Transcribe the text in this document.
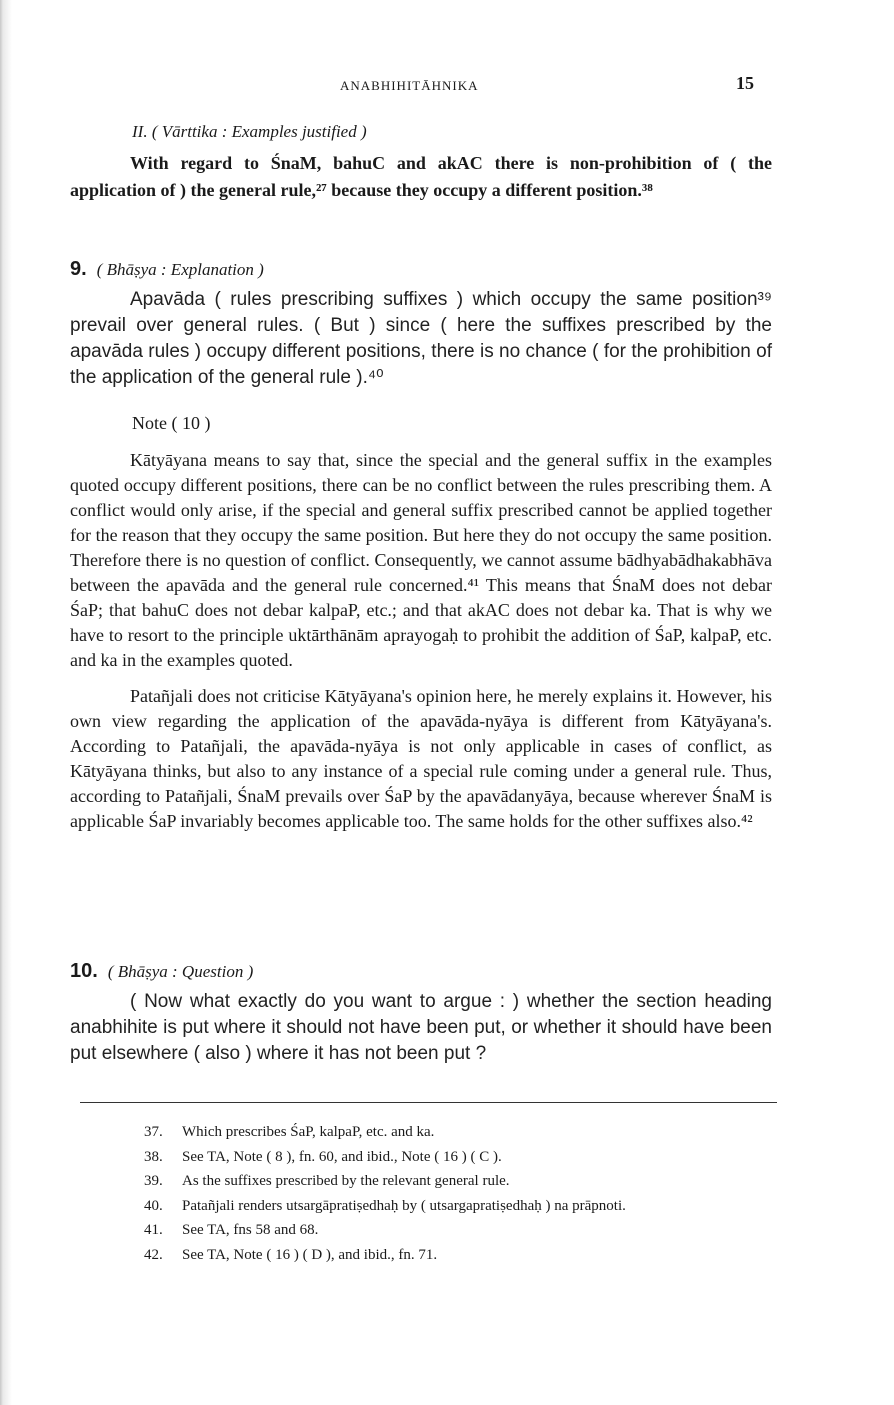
ANABHIHITĀHNIKA	15
II. ( Vārttika : Examples justified )

With regard to ŚnaM, bahuC and akAC there is non-prohibition of ( the application of ) the general rule,²⁷ because they occupy a different position.³⁸

9. ( Bhāṣya : Explanation )

Apavāda ( rules prescribing suffixes ) which occupy the same position³⁹ prevail over general rules. ( But ) since ( here the suffixes prescribed by the apavāda rules ) occupy different positions, there is no chance ( for the prohibition of the application of the general rule ).⁴⁰

Note ( 10 )

Kātyāyana means to say that, since the special and the general suffix in the examples quoted occupy different positions, there can be no conflict between the rules prescribing them. A conflict would only arise, if the special and general suffix prescribed cannot be applied together for the reason that they occupy the same position. But here they do not occupy the same position. Therefore there is no question of conflict. Consequently, we cannot assume bādhyabādhakabhāva between the apavāda and the general rule concerned.⁴¹ This means that ŚnaM does not debar ŚaP; that bahuC does not debar kalpaP, etc.; and that akAC does not debar ka. That is why we have to resort to the principle uktārthānām aprayogaḥ to prohibit the addition of ŚaP, kalpaP, etc. and ka in the examples quoted.

Patañjali does not criticise Kātyāyana's opinion here, he merely explains it. However, his own view regarding the application of the apavāda-nyāya is different from Kātyāyana's. According to Patañjali, the apavāda-nyāya is not only applicable in cases of conflict, as Kātyāyana thinks, but also to any instance of a special rule coming under a general rule. Thus, according to Patañjali, ŚnaM prevails over ŚaP by the apavādanyāya, because wherever ŚnaM is applicable ŚaP invariably becomes applicable too. The same holds for the other suffixes also.⁴²

10. ( Bhāṣya : Question )

( Now what exactly do you want to argue : ) whether the section heading anabhihite is put where it should not have been put, or whether it should have been put elsewhere ( also ) where it has not been put ?

37. Which prescribes ŚaP, kalpaP, etc. and ka.
38. See TA, Note ( 8 ), fn. 60, and ibid., Note ( 16 ) ( C ).
39. As the suffixes prescribed by the relevant general rule.
40. Patañjali renders utsargāpratiṣedhaḥ by ( utsargapratiṣedhaḥ ) na prāpnoti.
41. See TA, fns 58 and 68.
42. See TA, Note ( 16 ) ( D ), and ibid., fn. 71.
